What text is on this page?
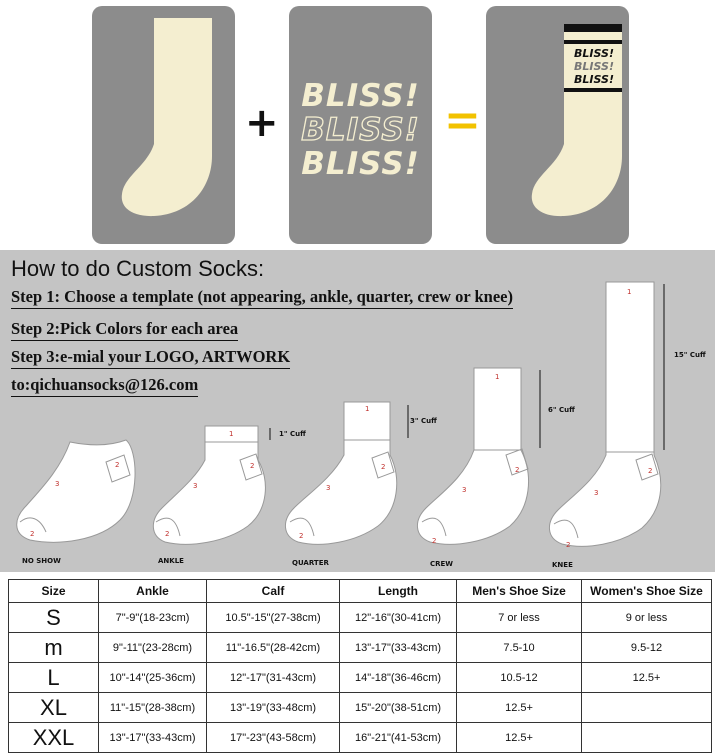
+
BLISS!
BLISS!
BLISS!
=
BLISS!
BLISS!
BLISS!
How to do Custom Socks:
Step 1: Choose a template (not appearing, ankle, quarter, crew or knee)
Step 2:Pick Colors for each area
Step 3:e-mial your LOGO, ARTWORK
to:qichuansocks@126.com
1" Cuff
3" Cuff
6" Cuff
15" Cuff
NO SHOW	ANKLE	QUARTER	CREW	KNEE
1
1
1
1
2	2	2	2	2
2	2	2
2	2
3	3	3	3	3
Size	Ankle	Calf	Length	Men's Shoe Size	Women's Shoe Size
S	7"-9"(18-23cm)	10.5"-15"(27-38cm)	12"-16"(30-41cm)	7 or less	9 or less
m	9"-11"(23-28cm)	11"-16.5"(28-42cm)	13"-17"(33-43cm)	7.5-10	9.5-12
L	10"-14"(25-36cm)	12"-17"(31-43cm)	14"-18"(36-46cm)	10.5-12	12.5+
XL	11"-15"(28-38cm)	13"-19"(33-48cm)	15"-20"(38-51cm)	12.5+	
XXL	13"-17"(33-43cm)	17"-23"(43-58cm)	16"-21"(41-53cm)	12.5+	
